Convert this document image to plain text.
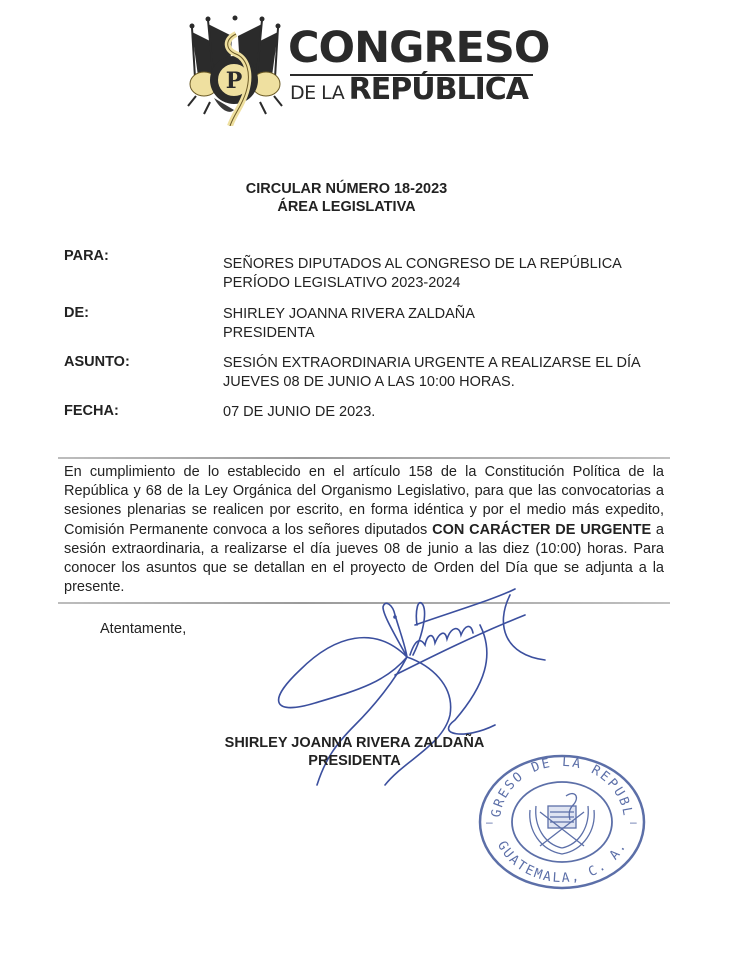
P
CONGRESO
DE LA REPÚBLICA
CIRCULAR NÚMERO 18-2023
ÁREA LEGISLATIVA
PARA:	SEÑORES DIPUTADOS AL CONGRESO DE LA REPÚBLICA
PERÍODO LEGISLATIVO 2023-2024
DE:	SHIRLEY JOANNA RIVERA ZALDAÑA
PRESIDENTA
ASUNTO:	SESIÓN EXTRAORDINARIA URGENTE A REALIZARSE EL DÍA
JUEVES 08 DE JUNIO A LAS 10:00 HORAS.
FECHA:	07 DE JUNIO DE 2023.
En cumplimiento de lo establecido en el artículo 158 de la Constitución Política de la República y 68 de la Ley Orgánica del Organismo Legislativo, para que las convocatorias a sesiones plenarias se realicen por escrito, en forma idéntica y por el medio más expedito, Comisión Permanente convoca a los señores diputados CON CARÁCTER DE URGENTE a sesión extraordinaria, a realizarse el día jueves 08 de junio a las diez (10:00) horas. Para conocer los asuntos que se detallan en el proyecto de Orden del Día que se adjunta a la presente.
Atentamente,
SHIRLEY JOANNA RIVERA ZALDAÑA
PRESIDENTA
GRESO DE LA REPUBL
GUATEMALA, C. A.
–	–
